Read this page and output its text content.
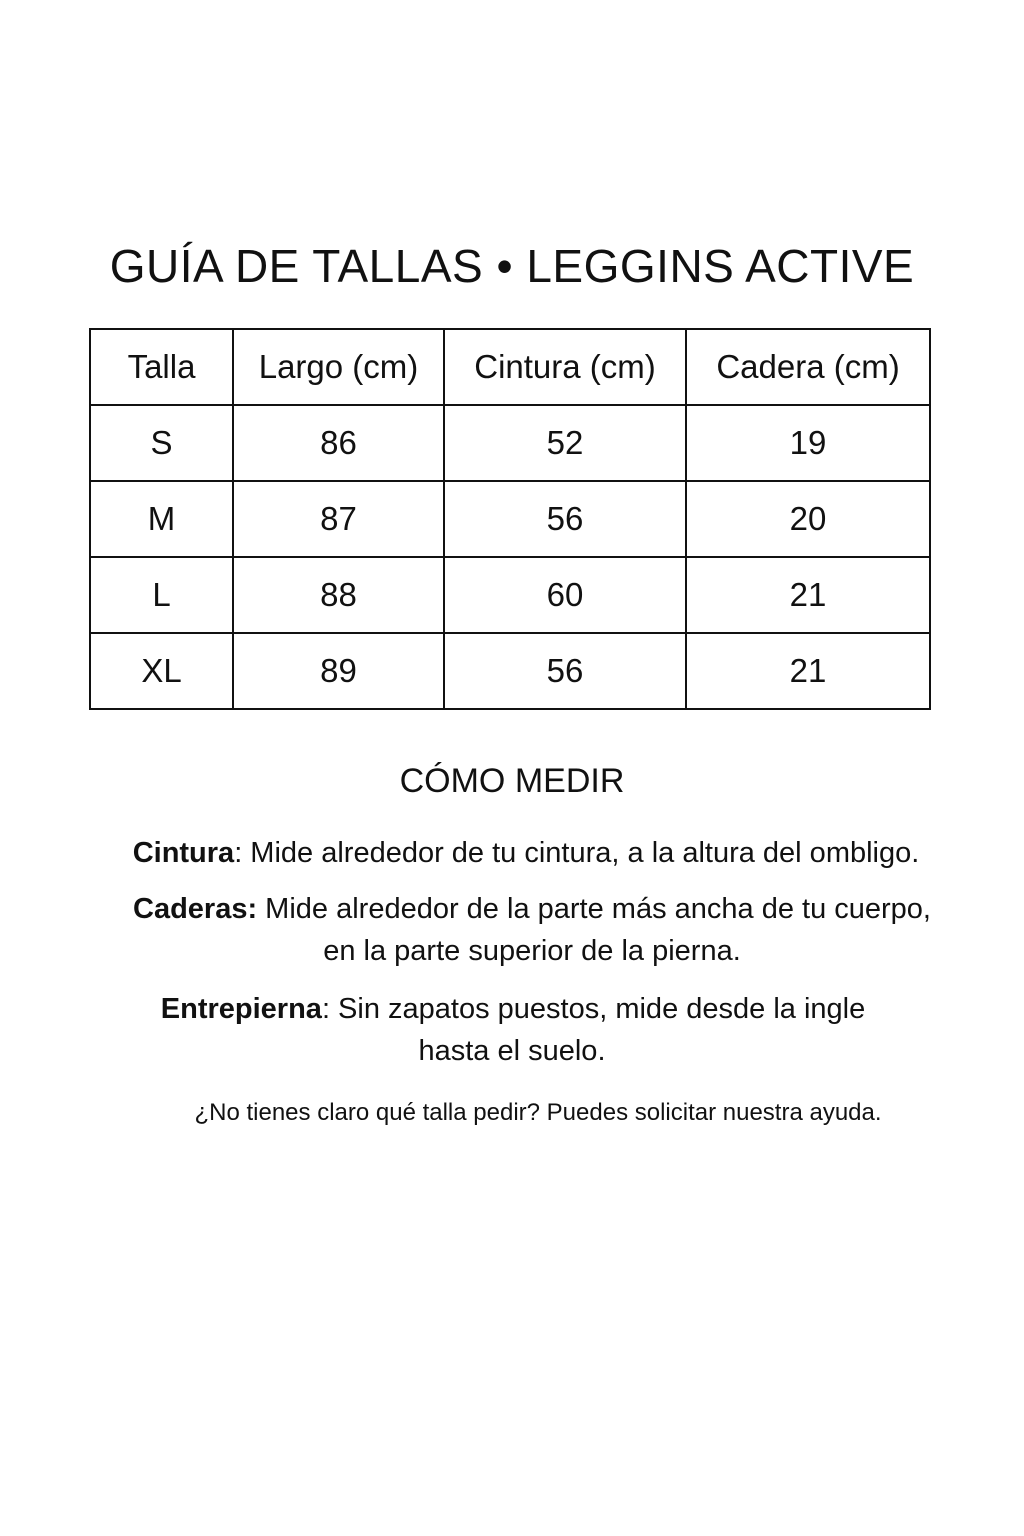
GUÍA DE TALLAS • LEGGINS ACTIVE
Talla	Largo (cm)	Cintura (cm)	Cadera (cm)
S	86	52	19
M	87	56	20
L	88	60	21
XL	89	56	21
CÓMO MEDIR
Cintura: Mide alrededor de tu cintura, a la altura del ombligo.
Caderas: Mide alrededor de la parte más ancha de tu cuerpo,
en la parte superior de la pierna.
Entrepierna: Sin zapatos puestos, mide desde la ingle
hasta el suelo.
¿No tienes claro qué talla pedir? Puedes solicitar nuestra ayuda.
